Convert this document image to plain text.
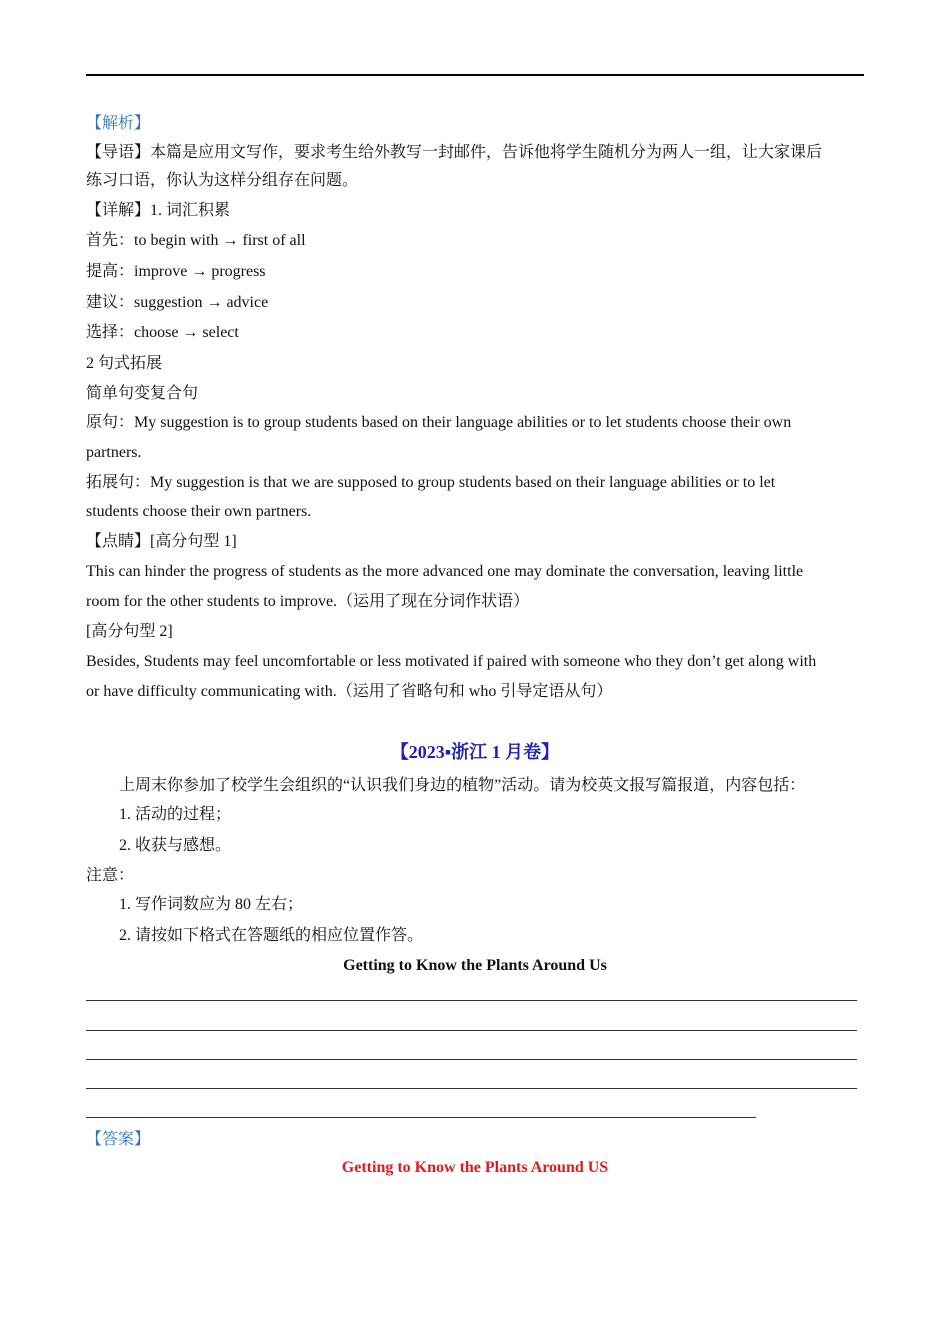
【解析】
【导语】本篇是应用文写作，要求考生给外教写一封邮件，告诉他将学生随机分为两人一组，让大家课后
练习口语，你认为这样分组存在问题。
【详解】1. 词汇积累
首先：to begin with → first of all
提高：improve → progress
建议：suggestion → advice
选择：choose → select
2 句式拓展
简单句变复合句
原句：My suggestion is to group students based on their language abilities or to let students choose their own
partners.
拓展句：My suggestion is that we are supposed to group students based on their language abilities or to let
students choose their own partners.
【点睛】[高分句型 1]
This can hinder the progress of students as the more advanced one may dominate the conversation, leaving little
room for the other students to improve.（运用了现在分词作状语）
[高分句型 2]
Besides, Students may feel uncomfortable or less motivated if paired with someone who they don’t get along with
or have difficulty communicating with.（运用了省略句和 who 引导定语从句）
【2023▪浙江 1 月卷】
上周末你参加了校学生会组织的“认识我们身边的植物”活动。请为校英文报写篇报道，内容包括：
1. 活动的过程；
2. 收获与感想。
注意：
1. 写作词数应为 80 左右；
2. 请按如下格式在答题纸的相应位置作答。
Getting to Know the Plants Around Us
【答案】
Getting to Know the Plants Around US
